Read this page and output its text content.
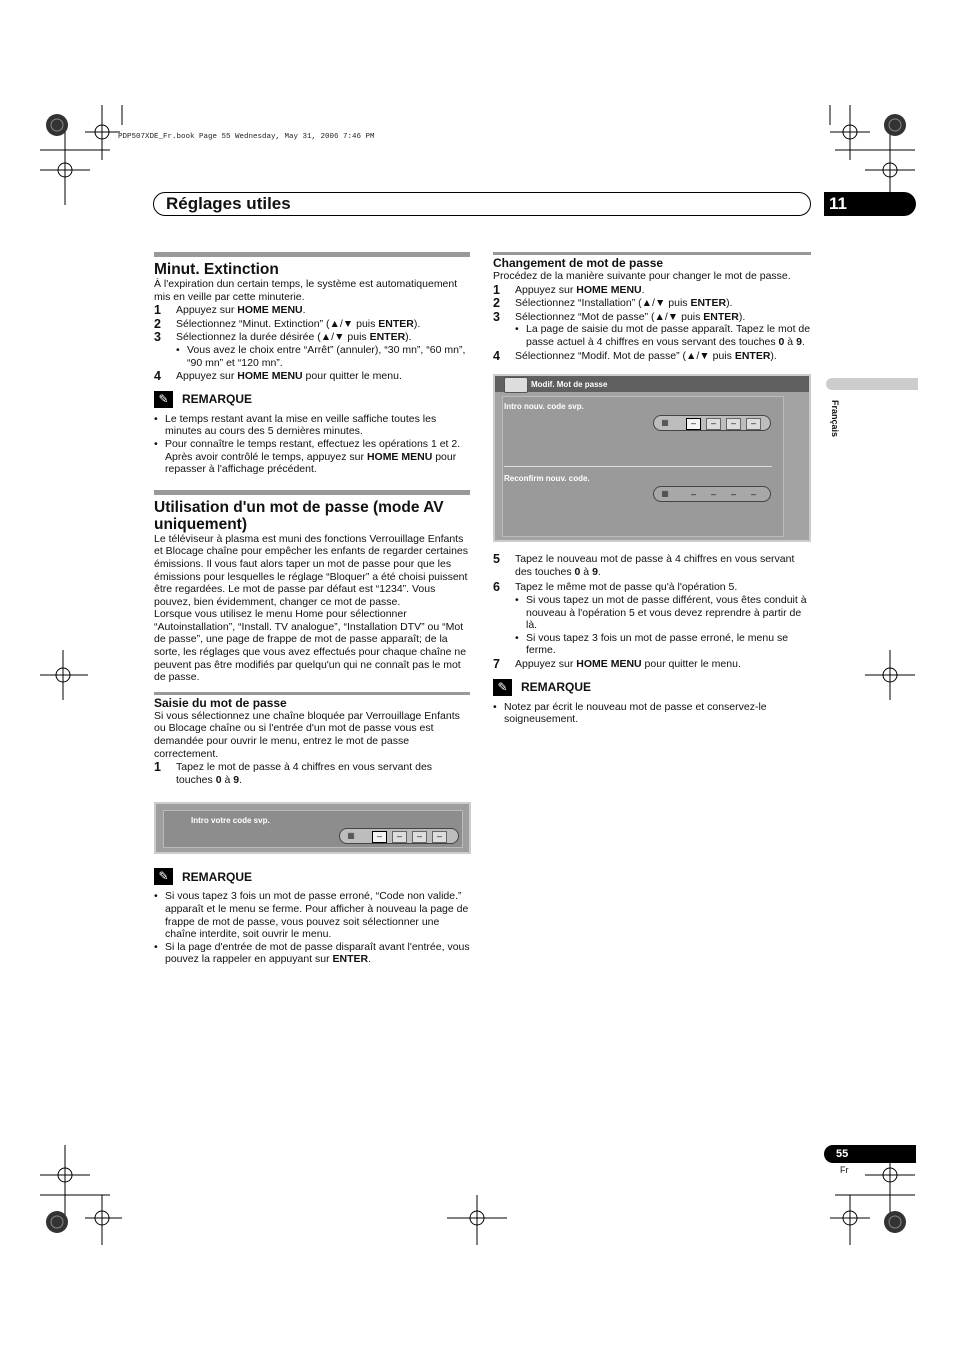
PDP507XDE_Fr.book Page 55 Wednesday, May 31, 2006 7:46 PM
Réglages utiles	11
Français
Minut. Extinction

À l'expiration dun certain temps, le système est automatiquement mis en veille par cette minuterie.

1	Appuyez sur HOME MENU.
2	Sélectionnez “Minut. Extinction” (▲/▼ puis ENTER).
3	Sélectionnez la durée désirée (▲/▼ puis ENTER).
• Vous avez le choix entre “Arrêt” (annuler), “30 mn”, “60 mn”, “90 mn” et “120 mn”.
4	Appuyez sur HOME MENU pour quitter le menu.
✎	REMARQUE
• Le temps restant avant la mise en veille saffiche toutes les minutes au cours des 5 dernières minutes.
• Pour connaître le temps restant, effectuez les opérations 1 et 2. Après avoir contrôlé le temps, appuyez sur HOME MENU pour repasser à l'affichage précédent.
Utilisation d'un mot de passe (mode AV uniquement)

Le téléviseur à plasma est muni des fonctions Verrouillage Enfants et Blocage chaîne pour empêcher les enfants de regarder certaines émissions. Il vous faut alors taper un mot de passe pour que les émissions pour lesquelles le réglage “Bloquer” a été choisi puissent être regardées. Le mot de passe par défaut est “1234”. Vous pouvez, bien évidemment, changer ce mot de passe.

Lorsque vous utilisez le menu Home pour sélectionner “Autoinstallation”, “Install. TV analogue”, “Installation DTV” ou “Mot de passe”, une page de frappe de mot de passe apparaît; de la sorte, les réglages que vous avez effectués pour chaque chaîne ne peuvent pas être modifiés par quelqu'un qui ne connaît pas le mot de passe.

Saisie du mot de passe

Si vous sélectionnez une chaîne bloquée par Verrouillage Enfants ou Blocage chaîne ou si l'entrée d'un mot de passe vous est demandée pour ouvrir le menu, entrez le mot de passe correctement.

1	Tapez le mot de passe à 4 chiffres en vous servant des touches 0 à 9.
Intro votre code svp.
▦	–	–	–	–
✎	REMARQUE
• Si vous tapez 3 fois un mot de passe erroné, “Code non valide.” apparaît et le menu se ferme. Pour afficher à nouveau la page de frappe de mot de passe, vous pouvez soit sélectionner une chaîne interdite, soit ouvrir le menu.
• Si la page d'entrée de mot de passe disparaît avant l'entrée, vous pouvez la rappeler en appuyant sur ENTER.
Changement de mot de passe

Procédez de la manière suivante pour changer le mot de passe.

1	Appuyez sur HOME MENU.
2	Sélectionnez “Installation” (▲/▼ puis ENTER).
3	Sélectionnez “Mot de passe” (▲/▼ puis ENTER).
• La page de saisie du mot de passe apparaît. Tapez le mot de passe actuel à 4 chiffres en vous servant des touches 0 à 9.
4	Sélectionnez “Modif. Mot de passe” (▲/▼ puis ENTER).
Modif. Mot de passe
Intro nouv. code svp.
▦	–	–	–	–
Reconfirm nouv. code.
▦	–	–	–	–
5	Tapez le nouveau mot de passe à 4 chiffres en vous servant des touches 0 à 9.
6	Tapez le même mot de passe qu'à l'opération 5.
• Si vous tapez un mot de passe différent, vous êtes conduit à nouveau à l'opération 5 et vous devez reprendre à partir de là.
• Si vous tapez 3 fois un mot de passe erroné, le menu se ferme.
7	Appuyez sur HOME MENU pour quitter le menu.
✎	REMARQUE
• Notez par écrit le nouveau mot de passe et conservez-le soigneusement.
55
Fr
